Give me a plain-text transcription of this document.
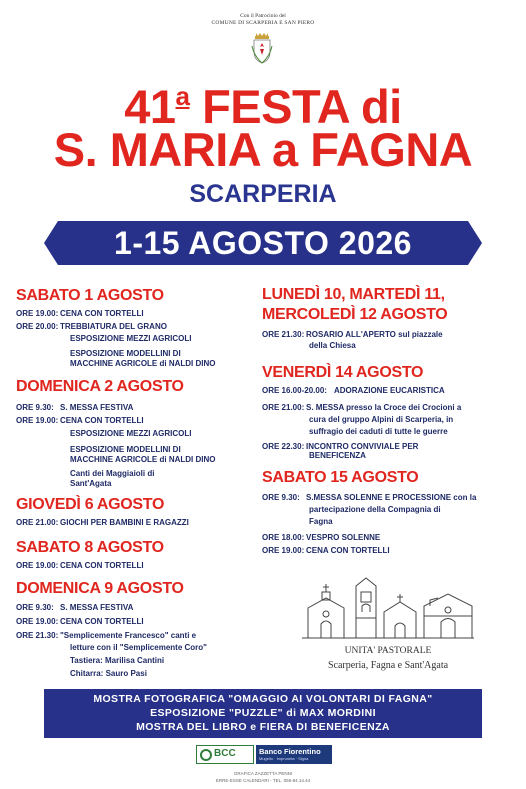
Con il Patrocinio del
COMUNE DI SCARPERIA E SAN PIERO
41$^a$ FESTA di
S. MARIA a FAGNA
SCARPERIA
1-15 AGOSTO 2026
SABATO 1 AGOSTO
ORE 19.00: CENA CON TORTELLI
ORE 20.00: TREBBIATURA DEL GRANO
ESPOSIZIONE MEZZI AGRICOLI
ESPOSIZIONE MODELLINI DI
MACCHINE AGRICOLE di NALDI DINO
DOMENICA 2 AGOSTO
ORE 9.30: S. MESSA FESTIVA
ORE 19.00: CENA CON TORTELLI
ESPOSIZIONE MEZZI AGRICOLI
ESPOSIZIONE MODELLINI DI
MACCHINE AGRICOLE di NALDI DINO
Canti dei Maggiaioli di
Sant'Agata
GIOVEDÌ 6 AGOSTO
ORE 21.00: GIOCHI PER BAMBINI E RAGAZZI
SABATO 8 AGOSTO
ORE 19.00: CENA CON TORTELLI
DOMENICA 9 AGOSTO
ORE 9.30: S. MESSA FESTIVA
ORE 19.00: CENA CON TORTELLI
ORE 21.30: "Semplicemente Francesco" canti e
letture con il "Semplicemente Coro"
Tastiera: Marilisa Cantini
Chitarra: Sauro Pasi
LUNEDÌ 10, MARTEDÌ 11,
MERCOLEDÌ 12 AGOSTO
ORE 21.30: ROSARIO ALL'APERTO sul piazzale
della Chiesa
VENERDÌ 14 AGOSTO
ORE 16.00-20.00: ADORAZIONE EUCARISTICA
ORE 21.00: S. MESSA presso la Croce dei Crocioni a
cura del gruppo Alpini di Scarperia, in
suffragio dei caduti di tutte le guerre
ORE 22.30: INCONTRO CONVIVIALE PER
BENEFICENZA
SABATO 15 AGOSTO
ORE 9.30: S.MESSA SOLENNE E PROCESSIONE con la
partecipazione della Compagnia di
Fagna
ORE 18.00: VESPRO SOLENNE
ORE 19.00: CENA CON TORTELLI
UNITA' PASTORALE
Scarperia, Fagna e Sant'Agata
MOSTRA FOTOGRAFICA "OMAGGIO AI VOLONTARI DI FAGNA"
ESPOSIZIONE "PUZZLE" di MAX MORDINI
MOSTRA DEL LIBRO e FIERA DI BENEFICENZA
BCC	Banco Fiorentino
Mugello · Impruneta · Signa
GRAFICA ZAZZETTA PENNI
ERRE-ESSE CALENDARI - TEL. 055-84.14.44
